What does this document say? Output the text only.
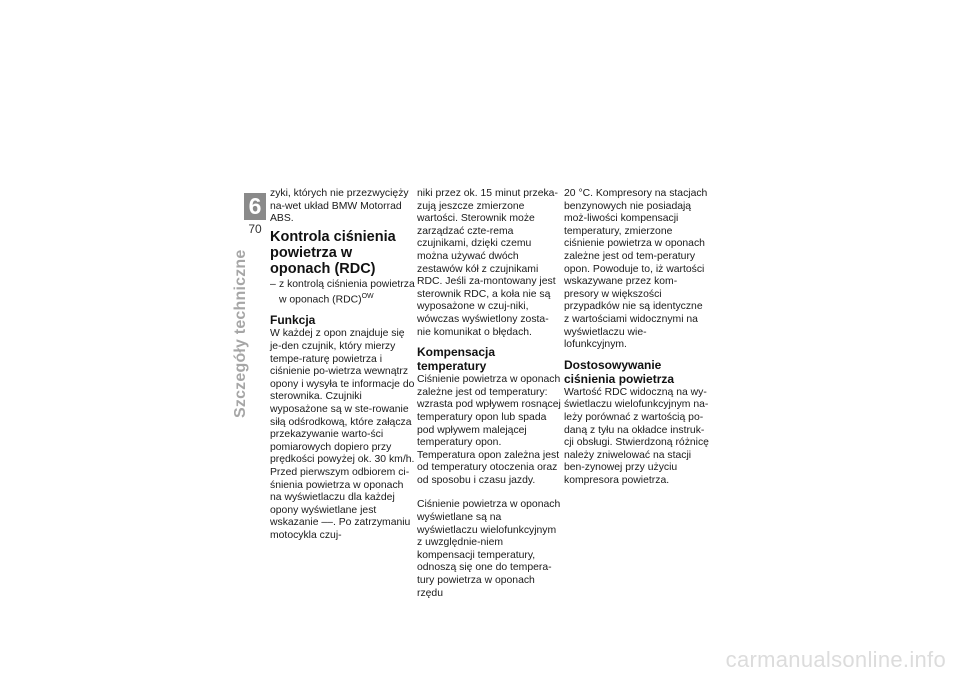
6
70
Szczegóły techniczne

zyki, których nie przezwycięży na-wet układ BMW Motorrad ABS.

Kontrola ciśnienia powietrza w oponach (RDC)
– z kontrolą ciśnienia powietrza w oponach (RDC)$^{OW}$
Funkcja

W każdej z opon znajduje się je-den czujnik, który mierzy tempe-raturę powietrza i ciśnienie po-wietrza wewnątrz opony i wysyła te informacje do sterownika. Czujniki wyposażone są w ste-rowanie siłą odśrodkową, które załącza przekazywanie warto-ści pomiarowych dopiero przy prędkości powyżej ok. 30 km/h. Przed pierwszym odbiorem ci-śnienia powietrza w oponach na wyświetlaczu dla każdej opony wyświetlane jest wskazanie ––. Po zatrzymaniu motocykla czuj-

niki przez ok. 15 minut przeka-zują jeszcze zmierzone wartości. Sterownik może zarządzać czte-rema czujnikami, dzięki czemu można używać dwóch zestawów kół z czujnikami RDC. Jeśli za-montowany jest sterownik RDC, a koła nie są wyposażone w czuj-niki, wówczas wyświetlony zosta-nie komunikat o błędach.

Kompensacja temperatury

Ciśnienie powietrza w oponach zależne jest od temperatury: wzrasta pod wpływem rosnącej temperatury opon lub spada pod wpływem malejącej temperatury opon. Temperatura opon zależna jest od temperatury otoczenia oraz od sposobu i czasu jazdy.

Ciśnienie powietrza w oponach wyświetlane są na wyświetlaczu wielofunkcyjnym z uwzględnie-niem kompensacji temperatury, odnoszą się one do tempera-tury powietrza w oponach rzędu

20 °C. Kompresory na stacjach benzynowych nie posiadają moż-liwości kompensacji temperatury, zmierzone ciśnienie powietrza w oponach zależne jest od tem-peratury opon. Powoduje to, iż wartości wskazywane przez kom-presory w większości przypadków nie są identyczne z wartościami widocznymi na wyświetlaczu wie-lofunkcyjnym.

Dostosowywanie ciśnienia powietrza

Wartość RDC widoczną na wy-świetlaczu wielofunkcyjnym na-leży porównać z wartością po-daną z tyłu na okładce instruk-cji obsługi. Stwierdzoną różnicę należy zniwelować na stacji ben-zynowej przy użyciu kompresora powietrza.

carmanualsonline.info
